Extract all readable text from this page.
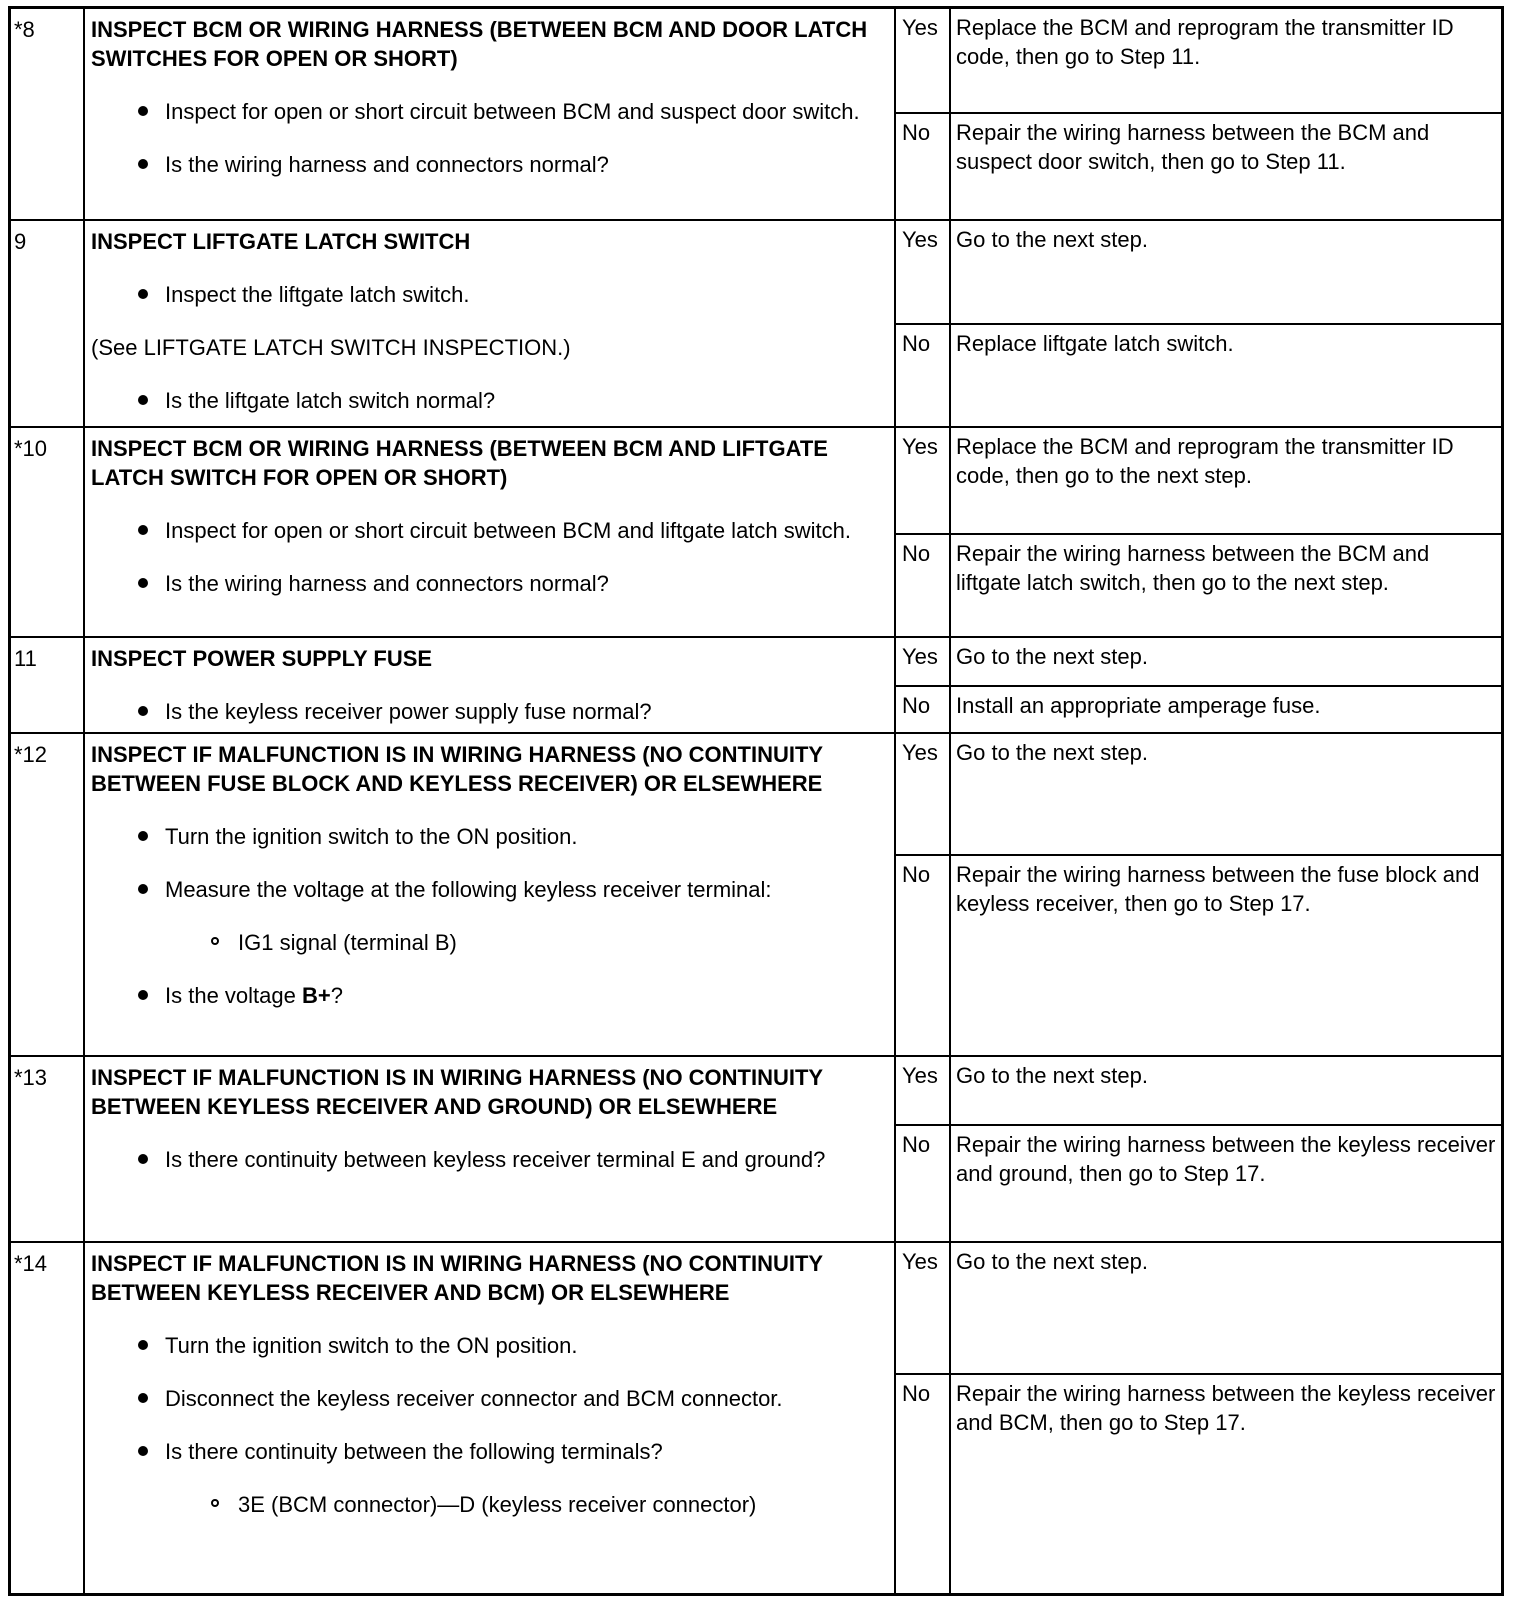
*8	INSPECT BCM OR WIRING HARNESS (BETWEEN BCM AND DOOR LATCH SWITCHES FOR OPEN OR SHORT)
Inspect for open or short circuit between BCM and suspect door switch.
Is the wiring harness and connectors normal?
Yes Replace the BCM and reprogram the transmitter ID code, then go to Step 11.
No Repair the wiring harness between the BCM and suspect door switch, then go to Step 11.
9	INSPECT LIFTGATE LATCH SWITCH
Inspect the liftgate latch switch.
(See LIFTGATE LATCH SWITCH INSPECTION.)
Is the liftgate latch switch normal?
Yes Go to the next step.
No Replace liftgate latch switch.
*10 INSPECT BCM OR WIRING HARNESS (BETWEEN BCM AND LIFTGATE LATCH SWITCH FOR OPEN OR SHORT)
Inspect for open or short circuit between BCM and liftgate latch switch.
Is the wiring harness and connectors normal?
Yes Replace the BCM and reprogram the transmitter ID code, then go to the next step.
No Repair the wiring harness between the BCM and liftgate latch switch, then go to the next step.
11 INSPECT POWER SUPPLY FUSE
Is the keyless receiver power supply fuse normal?
Yes Go to the next step.
No Install an appropriate amperage fuse.
*12 INSPECT IF MALFUNCTION IS IN WIRING HARNESS (NO CONTINUITY BETWEEN FUSE BLOCK AND KEYLESS RECEIVER) OR ELSEWHERE
Turn the ignition switch to the ON position.
Measure the voltage at the following keyless receiver terminal:
IG1 signal (terminal B)
Is the voltage B+?
Yes Go to the next step.
No Repair the wiring harness between the fuse block and keyless receiver, then go to Step 17.
*13 INSPECT IF MALFUNCTION IS IN WIRING HARNESS (NO CONTINUITY BETWEEN KEYLESS RECEIVER AND GROUND) OR ELSEWHERE
Is there continuity between keyless receiver terminal E and ground?
Yes Go to the next step.
No Repair the wiring harness between the keyless receiver and ground, then go to Step 17.
*14 INSPECT IF MALFUNCTION IS IN WIRING HARNESS (NO CONTINUITY BETWEEN KEYLESS RECEIVER AND BCM) OR ELSEWHERE
Turn the ignition switch to the ON position.
Disconnect the keyless receiver connector and BCM connector.
Is there continuity between the following terminals?
3E (BCM connector)—D (keyless receiver connector)
Yes Go to the next step.
No Repair the wiring harness between the keyless receiver and BCM, then go to Step 17.
